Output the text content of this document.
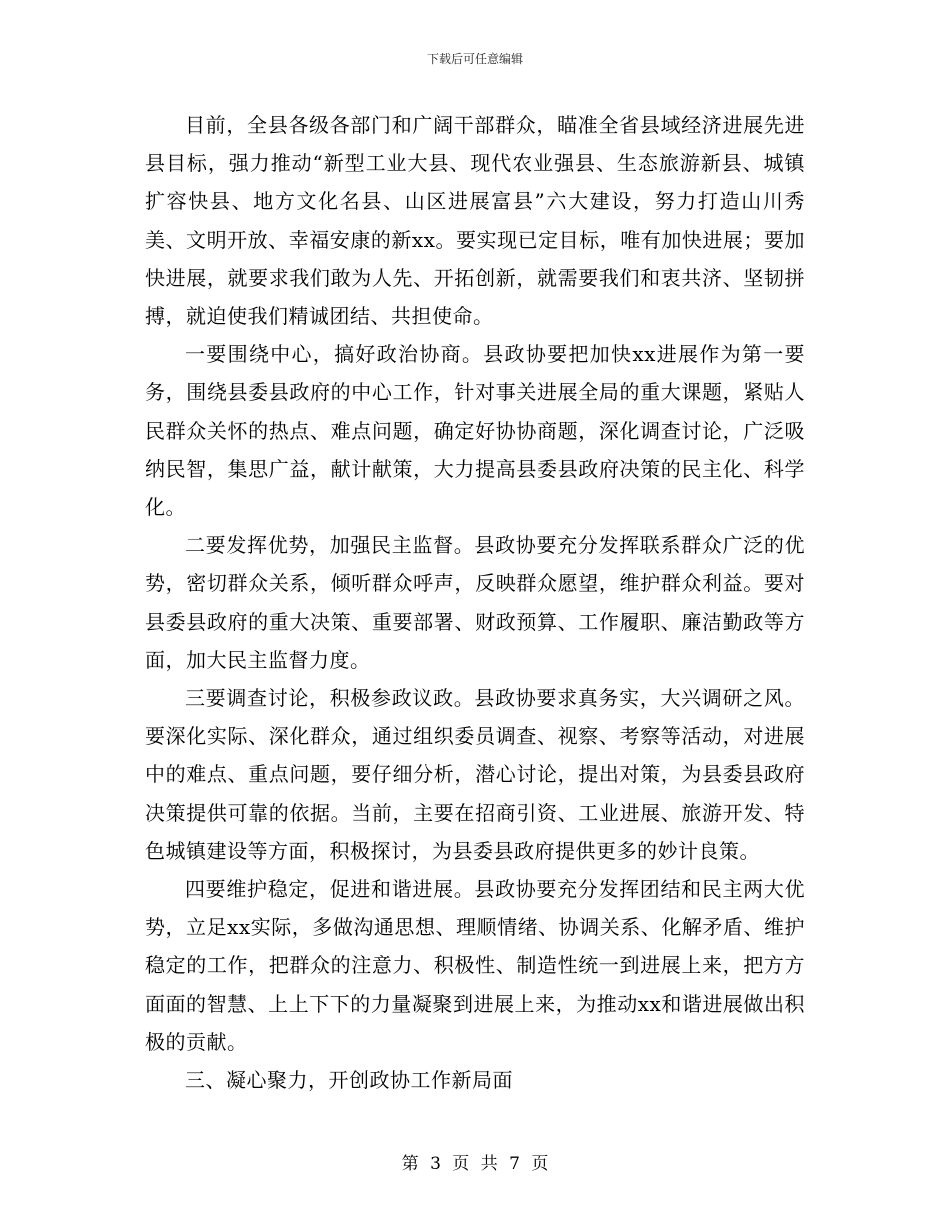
下载后可任意编辑

目前，全县各级各部门和广阔干部群众，瞄准全省县域经济进展先进县目标，强力推动“新型工业大县、现代农业强县、生态旅游新县、城镇扩容快县、地方文化名县、山区进展富县”六大建设，努力打造山川秀美、文明开放、幸福安康的新xx。要实现已定目标，唯有加快进展；要加快进展，就要求我们敢为人先、开拓创新，就需要我们和衷共济、坚韧拼搏，就迫使我们精诚团结、共担使命。

一要围绕中心，搞好政治协商。县政协要把加快xx进展作为第一要务，围绕县委县政府的中心工作，针对事关进展全局的重大课题，紧贴人民群众关怀的热点、难点问题，确定好协协商题，深化调查讨论，广泛吸纳民智，集思广益，献计献策，大力提高县委县政府决策的民主化、科学化。

二要发挥优势，加强民主监督。县政协要充分发挥联系群众广泛的优势，密切群众关系，倾听群众呼声，反映群众愿望，维护群众利益。要对县委县政府的重大决策、重要部署、财政预算、工作履职、廉洁勤政等方面，加大民主监督力度。

三要调查讨论，积极参政议政。县政协要求真务实，大兴调研之风。要深化实际、深化群众，通过组织委员调查、视察、考察等活动，对进展中的难点、重点问题，要仔细分析，潜心讨论，提出对策，为县委县政府决策提供可靠的依据。当前，主要在招商引资、工业进展、旅游开发、特色城镇建设等方面，积极探讨，为县委县政府提供更多的妙计良策。

四要维护稳定，促进和谐进展。县政协要充分发挥团结和民主两大优势，立足xx实际，多做沟通思想、理顺情绪、协调关系、化解矛盾、维护稳定的工作，把群众的注意力、积极性、制造性统一到进展上来，把方方面面的智慧、上上下下的力量凝聚到进展上来，为推动xx和谐进展做出积极的贡献。

三、凝心聚力，开创政协工作新局面

第 3 页 共 7 页
